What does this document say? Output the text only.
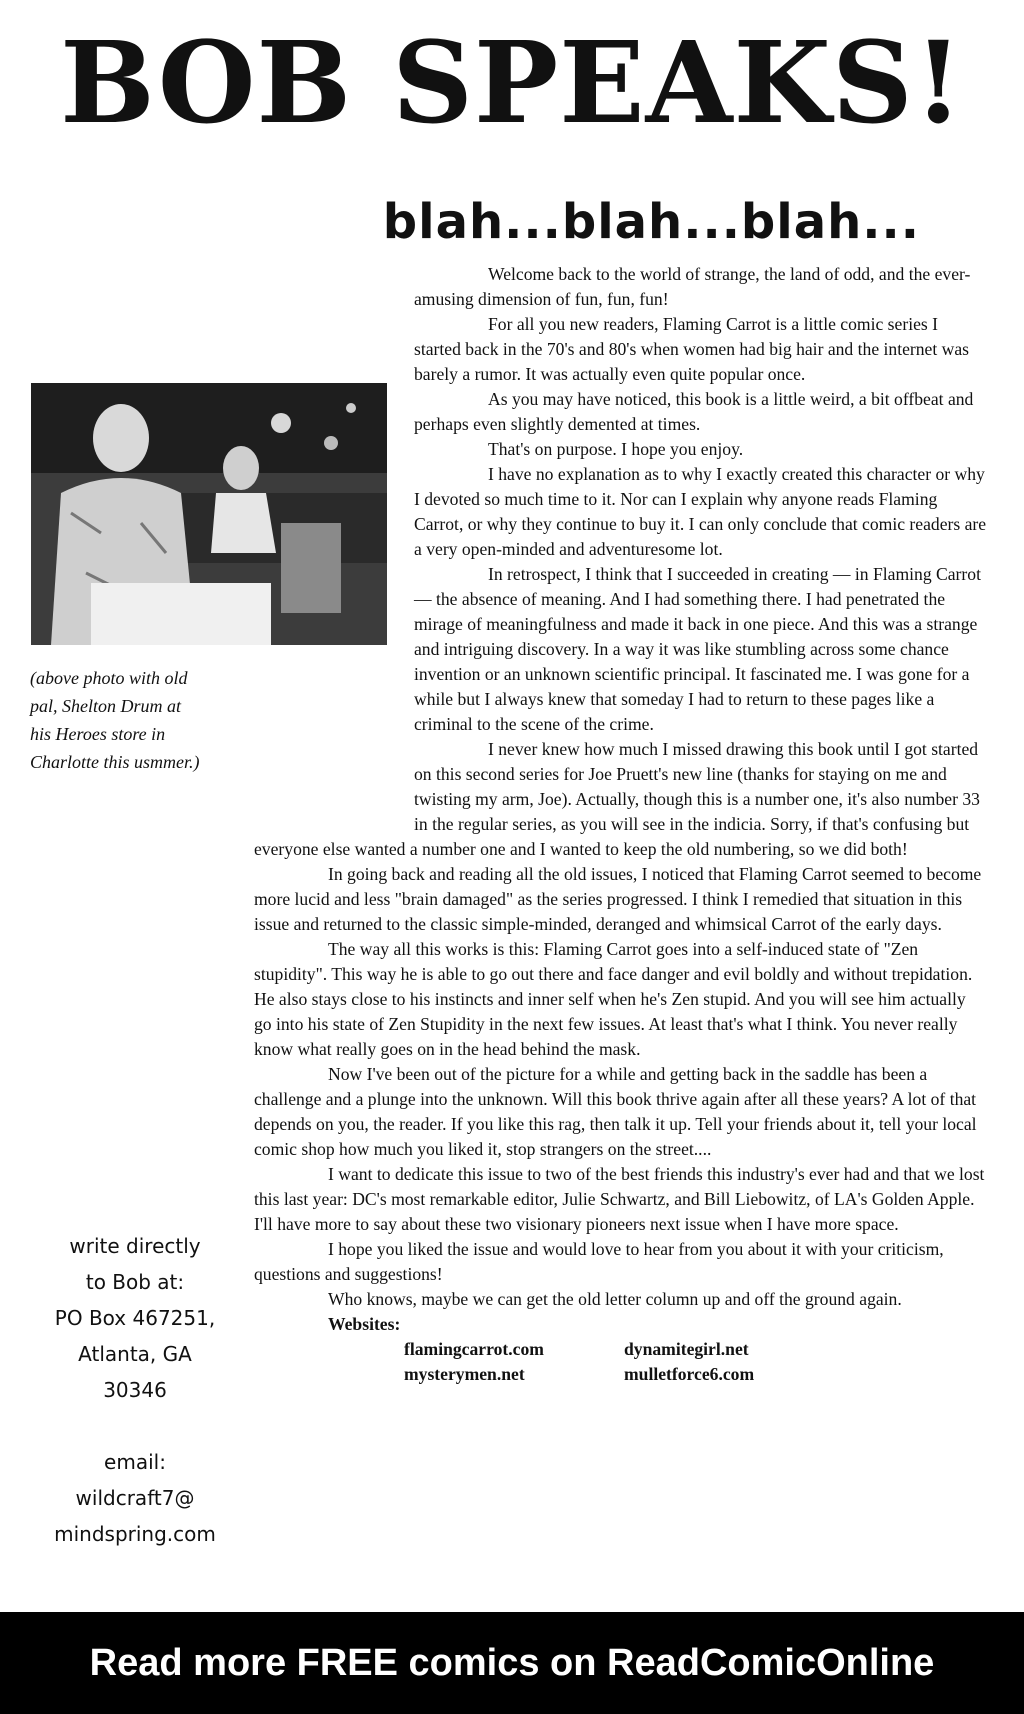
BOB SPEAKS!
blah...blah...blah...
(above photo with old pal, Shelton Drum at his Heroes store in Charlotte this usmmer.)
write directly
to Bob at:
PO Box 467251,
Atlanta, GA
30346
email:
wildcraft7@
mindspring.com

Welcome back to the world of strange, the land of odd, and the ever-amusing dimension of fun, fun, fun!

For all you new readers, Flaming Carrot is a little comic series I started back in the 70's and 80's when women had big hair and the internet was barely a rumor. It was actually even quite popular once.

As you may have noticed, this book is a little weird, a bit offbeat and perhaps even slightly demented at times.

That's on purpose. I hope you enjoy.

I have no explanation as to why I exactly created this character or why I devoted so much time to it. Nor can I explain why anyone reads Flaming Carrot, or why they continue to buy it. I can only conclude that comic readers are a very open-minded and adventuresome lot.

In retrospect, I think that I succeeded in creating — in Flaming Carrot — the absence of meaning. And I had something there. I had penetrated the mirage of meaningfulness and made it back in one piece. And this was a strange and intriguing discovery. In a way it was like stumbling across some chance invention or an unknown scientific principal. It fascinated me. I was gone for a while but I always knew that someday I had to return to these pages like a criminal to the scene of the crime.

I never knew how much I missed drawing this book until I got started on this second series for Joe Pruett's new line (thanks for staying on me and twisting my arm, Joe). Actually, though this is a number one, it's also number 33 in the regular series, as you will see in the indicia. Sorry, if that's confusing but everyone else wanted a number one and I wanted to keep the old numbering, so we did both!

In going back and reading all the old issues, I noticed that Flaming Carrot seemed to become more lucid and less "brain damaged" as the series progressed. I think I remedied that situation in this issue and returned to the classic simple-minded, deranged and whimsical Carrot of the early days.

The way all this works is this: Flaming Carrot goes into a self-induced state of "Zen stupidity". This way he is able to go out there and face danger and evil boldly and without trepidation. He also stays close to his instincts and inner self when he's Zen stupid. And you will see him actually go into his state of Zen Stupidity in the next few issues. At least that's what I think. You never really know what really goes on in the head behind the mask.

Now I've been out of the picture for a while and getting back in the saddle has been a challenge and a plunge into the unknown. Will this book thrive again after all these years? A lot of that depends on you, the reader. If you like this rag, then talk it up. Tell your friends about it, tell your local comic shop how much you liked it, stop strangers on the street....

I want to dedicate this issue to two of the best friends this industry's ever had and that we lost this last year: DC's most remarkable editor, Julie Schwartz, and Bill Liebowitz, of LA's Golden Apple. I'll have more to say about these two visionary pioneers next issue when I have more space.

I hope you liked the issue and would love to hear from you about it with your criticism, questions and suggestions!

Who knows, maybe we can get the old letter column up and off the ground again.

Websites:
flamingcarrot.com	dynamitegirl.net
mysterymen.net	mulletforce6.com
Read more FREE comics on ReadComicOnline
